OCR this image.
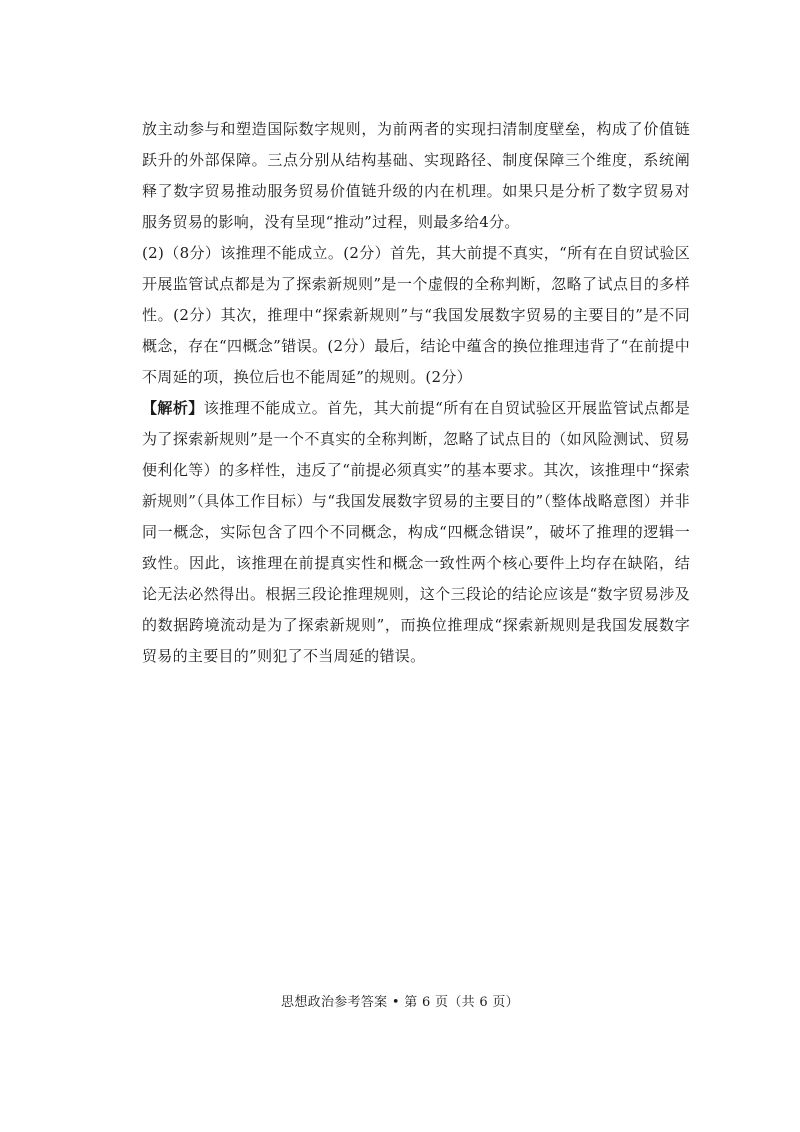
放主动参与和塑造国际数字规则，为前两者的实现扫清制度壁垒，构成了价值链跃升的外部保障。三点分别从结构基础、实现路径、制度保障三个维度，系统阐释了数字贸易推动服务贸易价值链升级的内在机理。如果只是分析了数字贸易对服务贸易的影响，没有呈现“推动”过程，则最多给4分。

(2)（8分）该推理不能成立。(2分）首先，其大前提不真实，“所有在自贸试验区开展监管试点都是为了探索新规则”是一个虚假的全称判断，忽略了试点目的多样性。(2分）其次，推理中“探索新规则”与“我国发展数字贸易的主要目的”是不同概念，存在“四概念”错误。(2分）最后，结论中蕴含的换位推理违背了“在前提中不周延的项，换位后也不能周延”的规则。(2分）

【解析】该推理不能成立。首先，其大前提“所有在自贸试验区开展监管试点都是为了探索新规则”是一个不真实的全称判断，忽略了试点目的（如风险测试、贸易便利化等）的多样性，违反了“前提必须真实”的基本要求。其次，该推理中“探索新规则”（具体工作目标）与“我国发展数字贸易的主要目的”（整体战略意图）并非同一概念，实际包含了四个不同概念，构成“四概念错误”，破坏了推理的逻辑一致性。因此，该推理在前提真实性和概念一致性两个核心要件上均存在缺陷，结论无法必然得出。根据三段论推理规则，这个三段论的结论应该是“数字贸易涉及的数据跨境流动是为了探索新规则”，而换位推理成“探索新规则是我国发展数字贸易的主要目的”则犯了不当周延的错误。

思想政治参考答案 • 第 6 页（共 6 页）
